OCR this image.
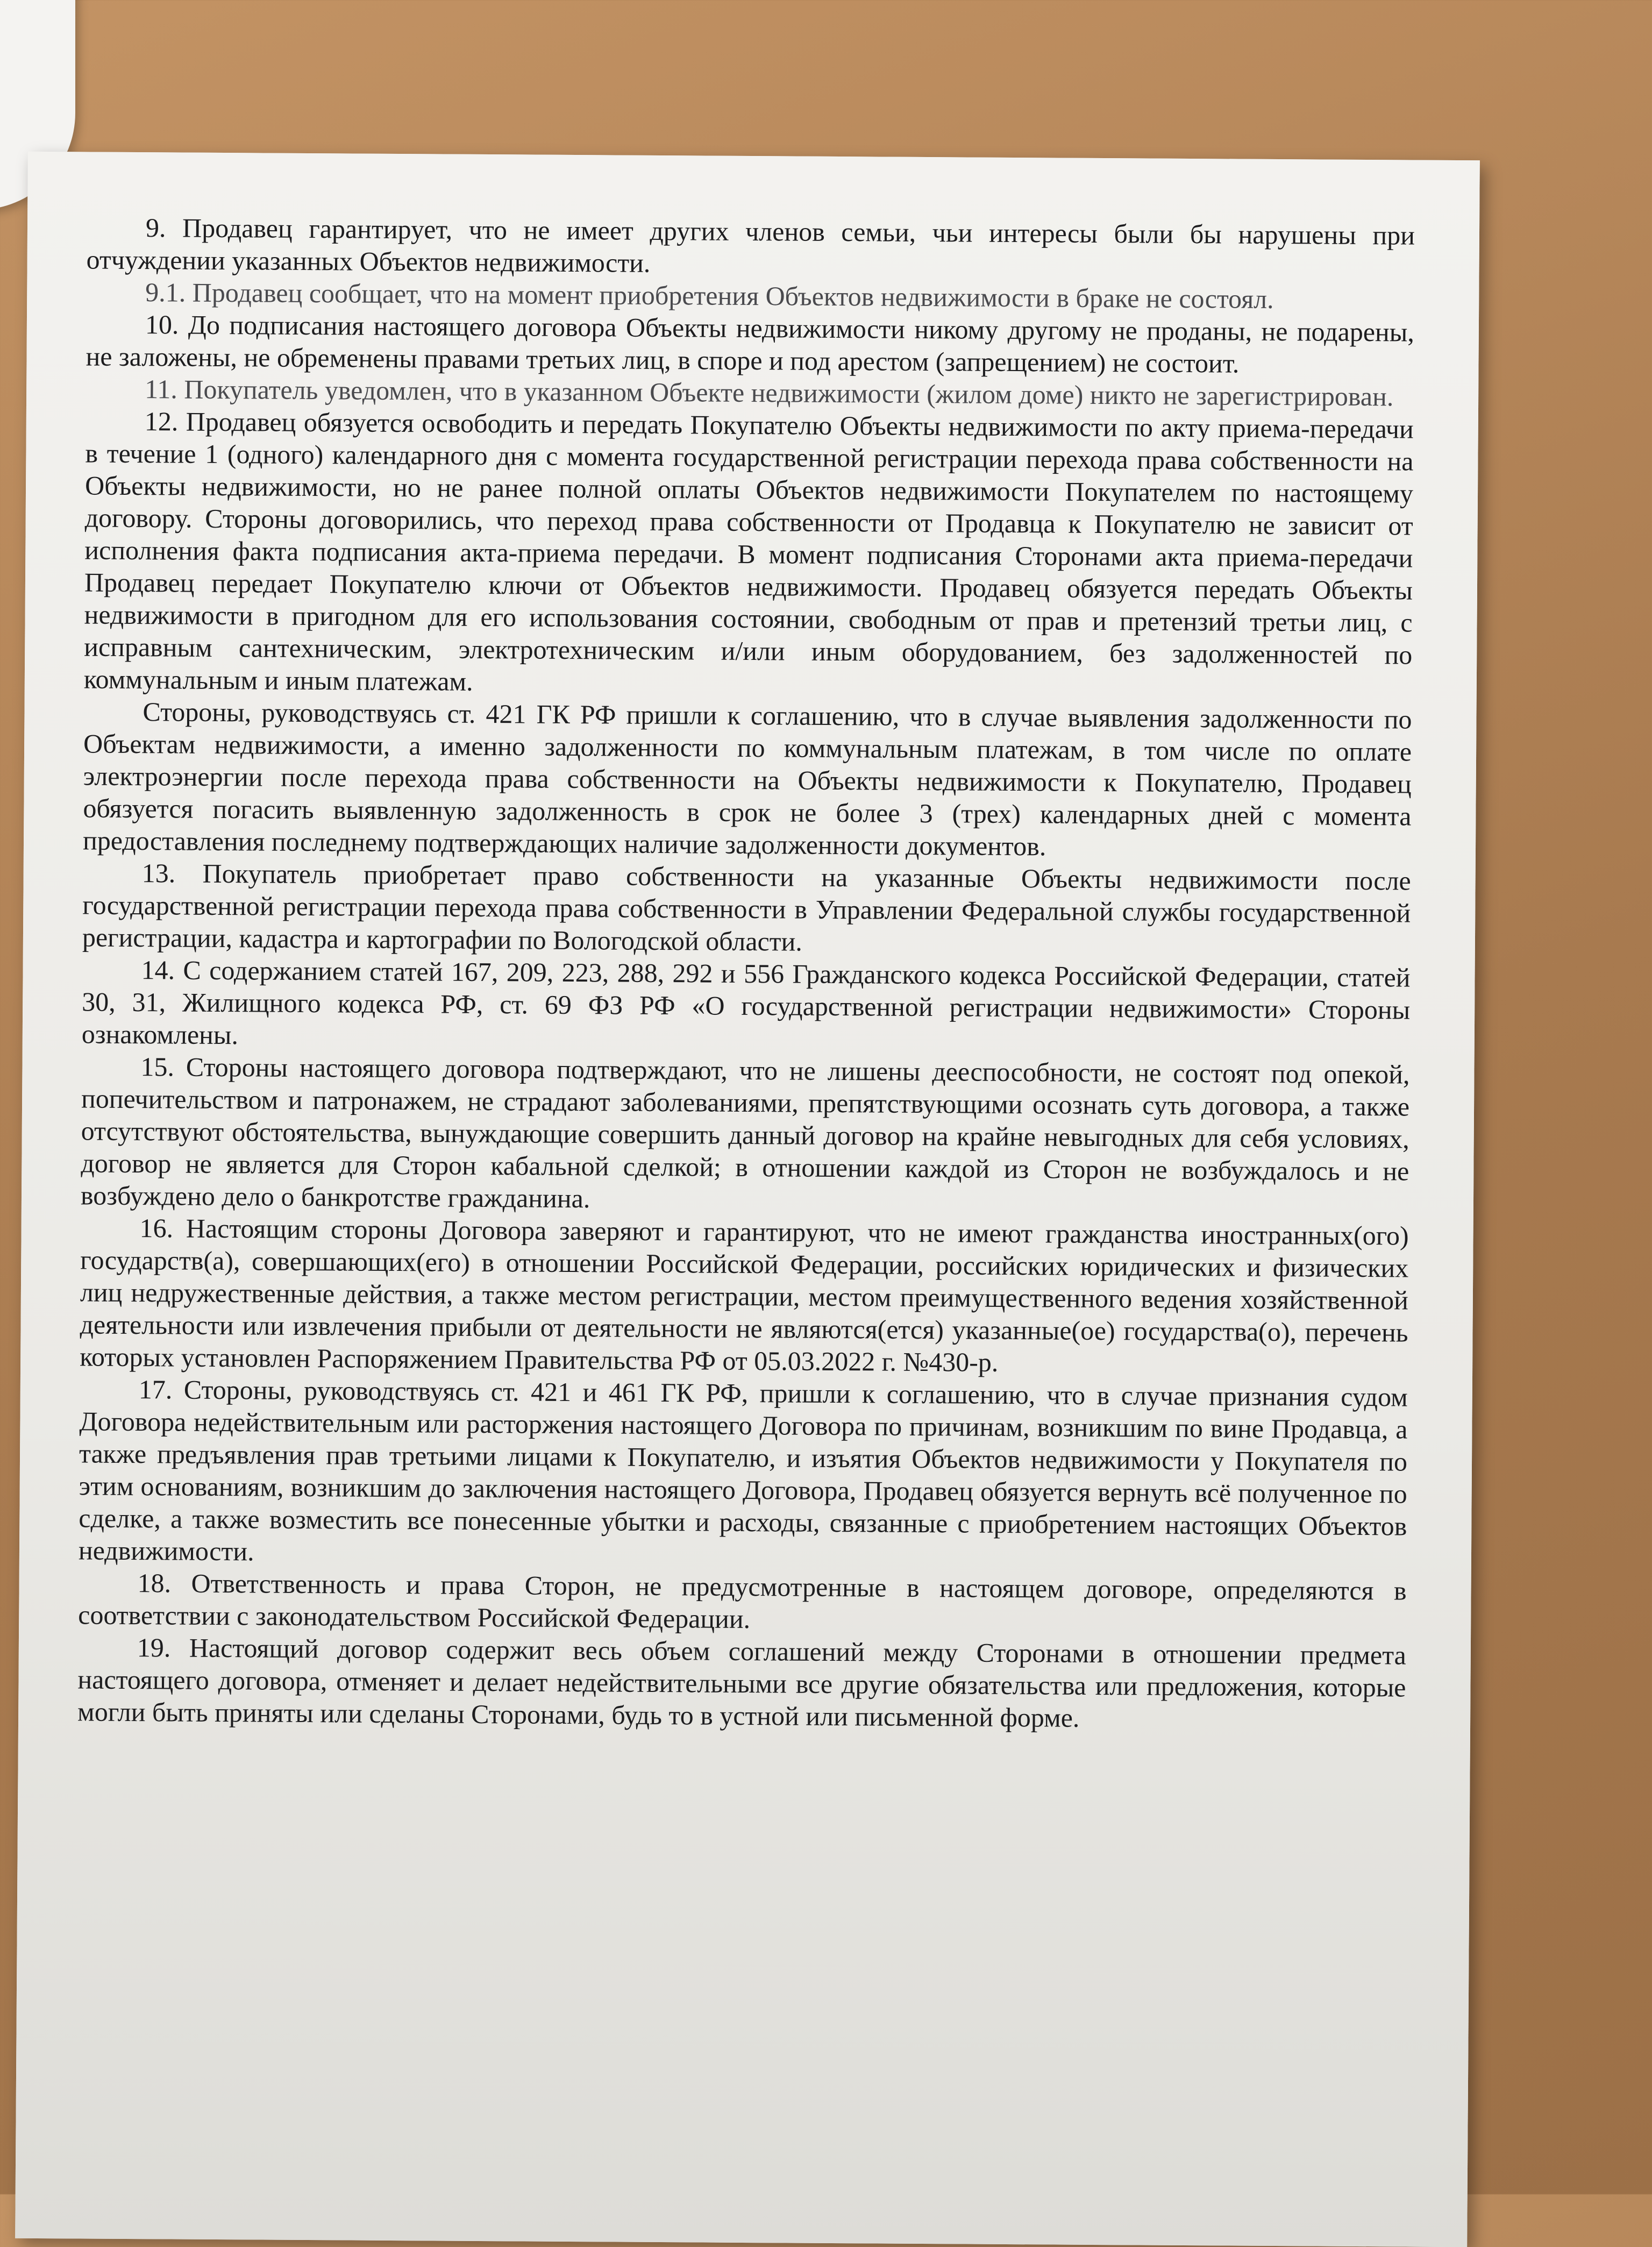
9. Продавец гарантирует, что не имеет других членов семьи, чьи интересы были бы нарушены при отчуждении указанных Объектов недвижимости.

9.1. Продавец сообщает, что на момент приобретения Объектов недвижимости в браке не состоял.

10. До подписания настоящего договора Объекты недвижимости никому другому не проданы, не подарены, не заложены, не обременены правами третьих лиц, в споре и под арестом (запрещением) не состоит.

11. Покупатель уведомлен, что в указанном Объекте недвижимости (жилом доме) никто не зарегистрирован.

12. Продавец обязуется освободить и передать Покупателю Объекты недвижимости по акту приема-передачи в течение 1 (одного) календарного дня с момента государственной регистрации перехода права собственности на Объекты недвижимости, но не ранее полной оплаты Объектов недвижимости Покупателем по настоящему договору. Стороны договорились, что переход права собственности от Продавца к Покупателю не зависит от исполнения факта подписания акта-приема передачи. В момент подписания Сторонами акта приема-передачи Продавец передает Покупателю ключи от Объектов недвижимости. Продавец обязуется передать Объекты недвижимости в пригодном для его использования состоянии, свободным от прав и претензий третьи лиц, с исправным сантехническим, электротехническим и/или иным оборудованием, без задолженностей по коммунальным и иным платежам.

Стороны, руководствуясь ст. 421 ГК РФ пришли к соглашению, что в случае выявления задолженности по Объектам недвижимости, а именно задолженности по коммунальным платежам, в том числе по оплате электроэнергии после перехода права собственности на Объекты недвижимости к Покупателю, Продавец обязуется погасить выявленную задолженность в срок не более 3 (трех) календарных дней с момента предоставления последнему подтверждающих наличие задолженности документов.

13. Покупатель приобретает право собственности на указанные Объекты недвижимости после государственной регистрации перехода права собственности в Управлении Федеральной службы государственной регистрации, кадастра и картографии по Вологодской области.

14. С содержанием статей 167, 209, 223, 288, 292 и 556 Гражданского кодекса Российской Федерации, статей 30, 31, Жилищного кодекса РФ, ст. 69 ФЗ РФ «О государственной регистрации недвижимости» Стороны ознакомлены.

15. Стороны настоящего договора подтверждают, что не лишены дееспособности, не состоят под опекой, попечительством и патронажем, не страдают заболеваниями, препятствующими осознать суть договора, а также отсутствуют обстоятельства, вынуждающие совершить данный договор на крайне невыгодных для себя условиях, договор не является для Сторон кабальной сделкой; в отношении каждой из Сторон не возбуждалось и не возбуждено дело о банкротстве гражданина.

16. Настоящим стороны Договора заверяют и гарантируют, что не имеют гражданства иностранных(ого) государств(а), совершающих(его) в отношении Российской Федерации, российских юридических и физических лиц недружественные действия, а также местом регистрации, местом преимущественного ведения хозяйственной деятельности или извлечения прибыли от деятельности не являются(ется) указанные(ое) государства(о), перечень которых установлен Распоряжением Правительства РФ от 05.03.2022 г. №430-р.

17. Стороны, руководствуясь ст. 421 и 461 ГК РФ, пришли к соглашению, что в случае признания судом Договора недействительным или расторжения настоящего Договора по причинам, возникшим по вине Продавца, а также предъявления прав третьими лицами к Покупателю, и изъятия Объектов недвижимости у Покупателя по этим основаниям, возникшим до заключения настоящего Договора, Продавец обязуется вернуть всё полученное по сделке, а также возместить все понесенные убытки и расходы, связанные с приобретением настоящих Объектов недвижимости.

18. Ответственность и права Сторон, не предусмотренные в настоящем договоре, определяются в соответствии с законодательством Российской Федерации.

19. Настоящий договор содержит весь объем соглашений между Сторонами в отношении предмета настоящего договора, отменяет и делает недействительными все другие обязательства или предложения, которые могли быть приняты или сделаны Сторонами, будь то в устной или письменной форме.
